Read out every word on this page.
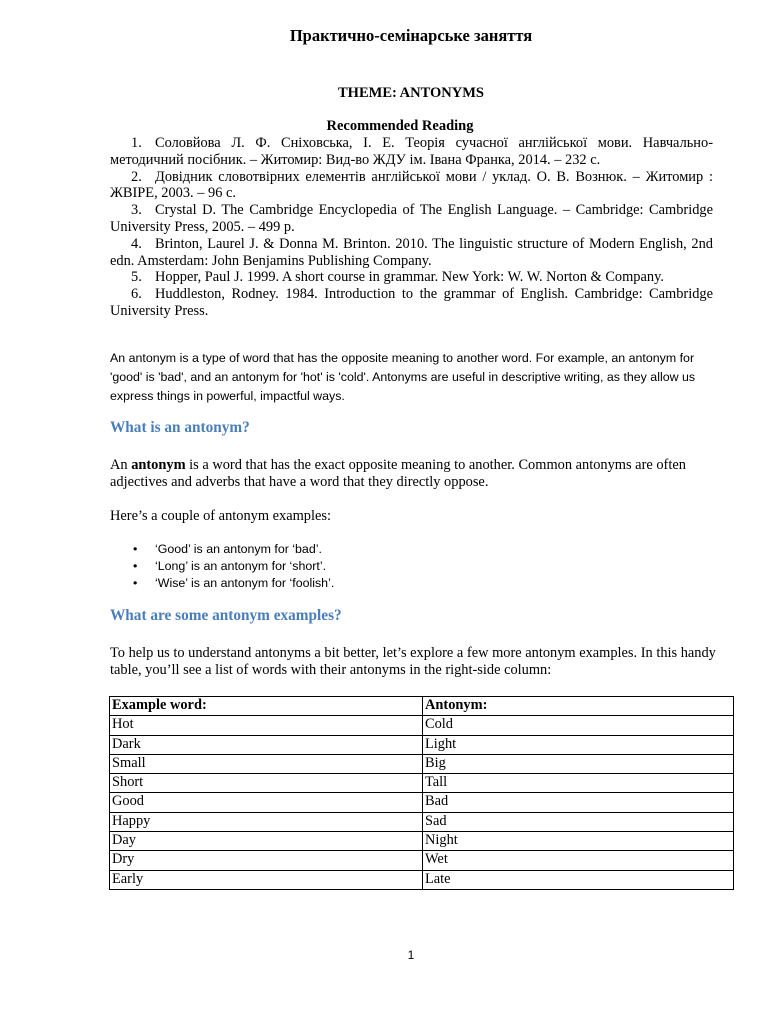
Практично-семінарське заняття
THEME: ANTONYMS
Recommended Reading

1. Соловйова Л. Ф. Сніховська, І. Е. Теорія сучасної англійської мови. Навчально-методичний посібник. – Житомир: Вид-во ЖДУ ім. Івана Франка, 2014. – 232 с.

2. Довідник словотвірних елементів англійської мови / уклад. О. В. Вознюк. – Житомир : ЖВІРЕ, 2003. – 96 с.

3. Crystal D. The Cambridge Encyclopedia of The English Language. – Cambridge: Cambridge University Press, 2005. – 499 p.

4. Brinton, Laurel J. & Donna M. Brinton. 2010. The linguistic structure of Modern English, 2nd edn. Amsterdam: John Benjamins Publishing Company.

5. Hopper, Paul J. 1999. A short course in grammar. New York: W. W. Norton & Company.

6. Huddleston, Rodney. 1984. Introduction to the grammar of English. Cambridge: Cambridge University Press.

An antonym is a type of word that has the opposite meaning to another word. For example, an antonym for 'good' is 'bad', and an antonym for 'hot' is 'cold'. Antonyms are useful in descriptive writing, as they allow us express things in powerful, impactful ways.
What is an antonym?
An antonym is a word that has the exact opposite meaning to another. Common antonyms are often adjectives and adverbs that have a word that they directly oppose.
Here’s a couple of antonym examples:
• ‘Good’ is an antonym for ‘bad’.
• ‘Long’ is an antonym for ‘short’.
• ‘Wise’ is an antonym for ‘foolish’.
What are some antonym examples?
To help us to understand antonyms a bit better, let’s explore a few more antonym examples. In this handy table, you’ll see a list of words with their antonyms in the right-side column:
Example word:	Antonym:
Hot	Cold
Dark	Light
Small	Big
Short	Tall
Good	Bad
Happy	Sad
Day	Night
Dry	Wet
Early	Late
1
